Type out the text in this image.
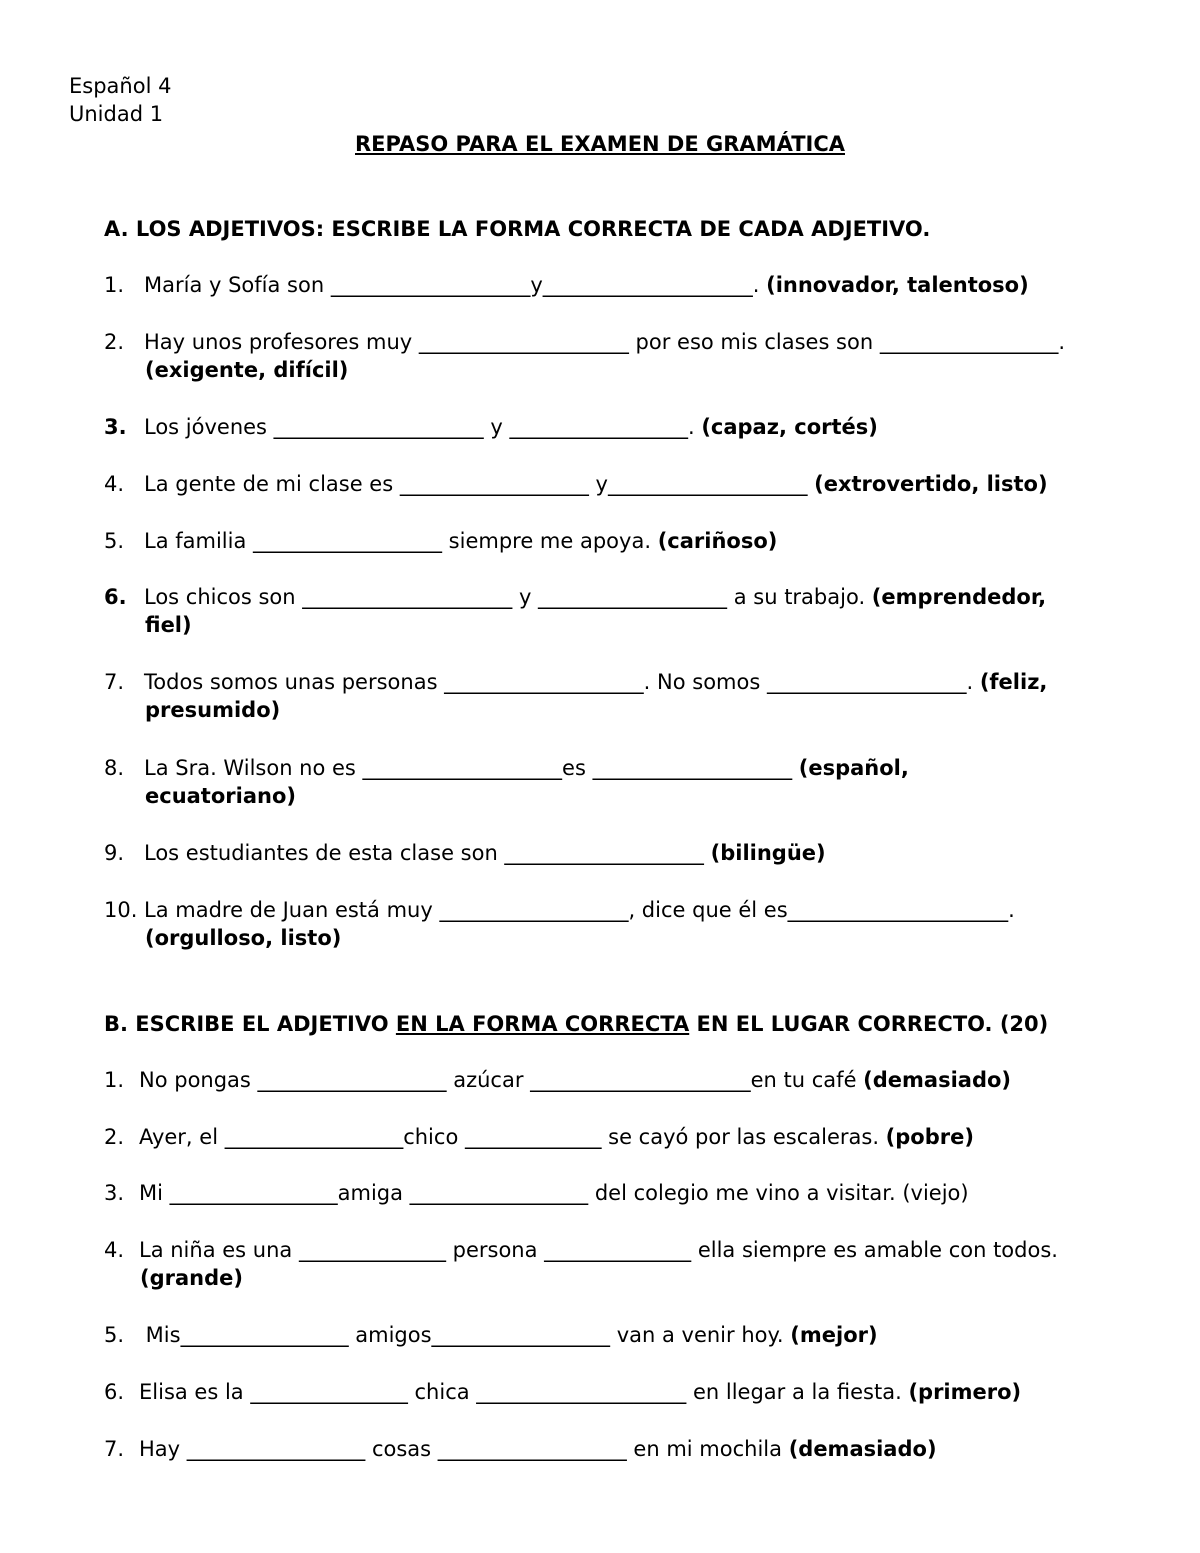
Español 4
Unidad 1
REPASO PARA EL EXAMEN DE GRAMÁTICA
A. LOS ADJETIVOS: ESCRIBE LA FORMA CORRECTA DE CADA ADJETIVO.
1. María y Sofía son ___________________y____________________. (innovador, talentoso)
2. Hay unos profesores muy ____________________ por eso mis clases son _________________.
(exigente, difícil)
3. Los jóvenes ____________________ y _________________. (capaz, cortés)
4. La gente de mi clase es __________________ y___________________ (extrovertido, listo)
5. La familia __________________ siempre me apoya. (cariñoso)
6. Los chicos son ____________________ y __________________ a su trabajo. (emprendedor,
fiel)
7. Todos somos unas personas ___________________. No somos ___________________. (feliz,
presumido)
8. La Sra. Wilson no es ___________________es ___________________ (español,
ecuatoriano)
9. Los estudiantes de esta clase son ___________________ (bilingüe)
10. La madre de Juan está muy __________________, dice que él es_____________________.
(orgulloso, listo)
B. ESCRIBE EL ADJETIVO EN LA FORMA CORRECTA EN EL LUGAR CORRECTO. (20)
1. No pongas __________________ azúcar _____________________en tu café (demasiado)
2. Ayer, el _________________chico _____________ se cayó por las escaleras. (pobre)
3. Mi ________________amiga _________________ del colegio me vino a visitar. (viejo)
4. La niña es una ______________ persona ______________ ella siempre es amable con todos.
(grande)
5. Mis________________ amigos_________________ van a venir hoy. (mejor)
6. Elisa es la _______________ chica ____________________ en llegar a la fiesta. (primero)
7. Hay _________________ cosas __________________ en mi mochila (demasiado)
